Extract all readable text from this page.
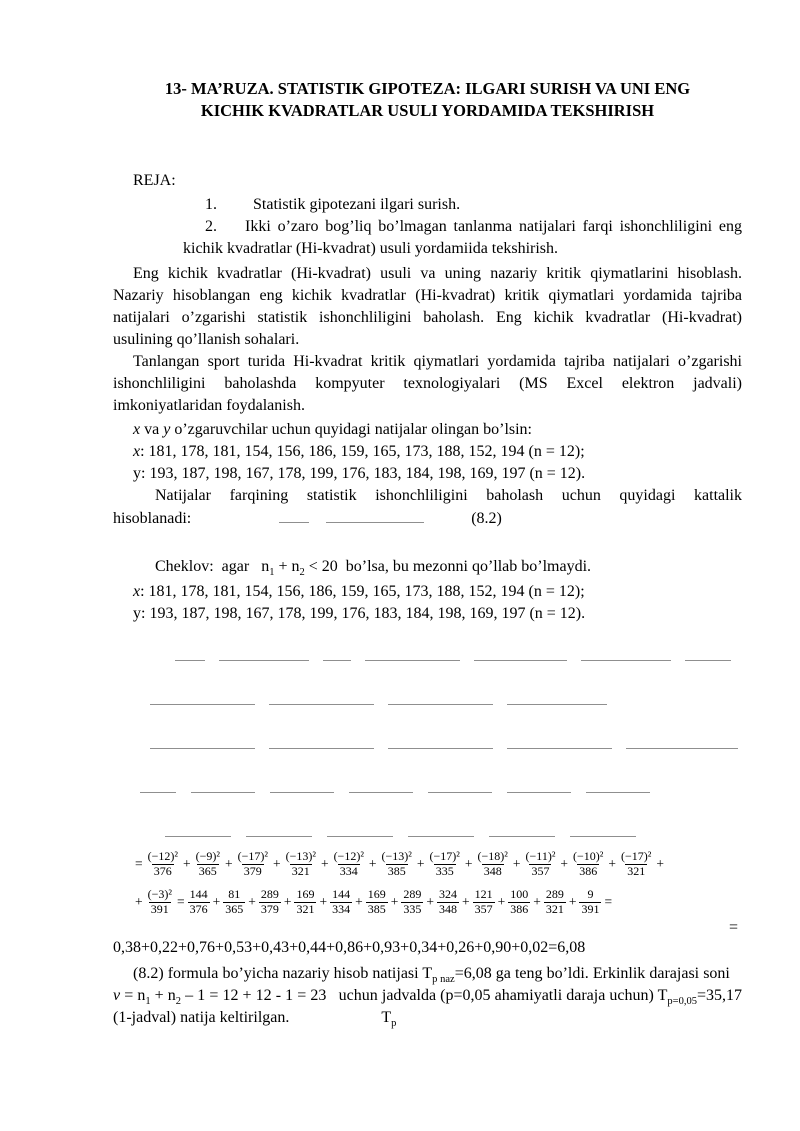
13- MA’RUZA. STATISTIK GIPOTEZA: ILGARI SURISH VA UNI ENG
KICHIK KVADRATLAR USULI YORDAMIDA TEKSHIRISH
REJA:
1. Statistik gipotezani ilgari surish.
2. Ikki o’zaro bog’liq bo’lmagan tanlanma natijalari farqi ishonchliligini eng kichik kvadratlar (Hi-kvadrat) usuli yordamiida tekshirish.

Eng kichik kvadratlar (Hi-kvadrat) usuli va uning nazariy kritik qiymatlarini hisoblash. Nazariy hisoblangan eng kichik kvadratlar (Hi-kvadrat) kritik qiymatlari yordamida tajriba natijalari o’zgarishi statistik ishonchliligini baholash. Eng kichik kvadratlar (Hi-kvadrat) usulining qo’llanish sohalari.

Tanlangan sport turida Hi-kvadrat kritik qiymatlari yordamida tajriba natijalari o’zgarishi ishonchliligini baholashda kompyuter texnologiyalari (MS Excel elektron jadvali) imkoniyatlaridan foydalanish.

x va y o’zgaruvchilar uchun quyidagi natijalar olingan bo’lsin:
x: 181, 178, 181, 154, 156, 186, 159, 165, 173, 188, 152, 194 (n = 12);
y: 193, 187, 198, 167, 178, 199, 176, 183, 184, 198, 169, 197 (n = 12).
Natijalar farqining statistik ishonchliligini baholash uchun quyidagi kattalik
hisoblanadi:	(8.2)
Cheklov:  agar   $n_1 + n_2 < 20$  bo’lsa, bu mezonni qo’llab bo’lmaydi.
x: 181, 178, 181, 154, 156, 186, 159, 165, 173, 188, 152, 194 (n = 12);
y: 193, 187, 198, 167, 178, 199, 176, 183, 184, 198, 169, 197 (n = 12).
= $\frac{\text{(−12)²}}{376} + \frac{\text{(−9)²}}{365} + \frac{\text{(−17)²}}{379} + \frac{\text{(−13)²}}{321} + \frac{\text{(−12)²}}{334} + \frac{\text{(−13)²}}{385} + \frac{\text{(−17)²}}{335} + \frac{\text{(−18)²}}{348} + \frac{\text{(−11)²}}{357} + \frac{\text{(−10)²}}{386} + \frac{\text{(−17)²}}{321}$ +
+ $\frac{\text{(−3)²}}{391} = \frac{144}{376} + \frac{81}{365} + \frac{289}{379} + \frac{169}{321} + \frac{144}{334} + \frac{169}{385} + \frac{289}{335} + \frac{324}{348} + \frac{121}{357} + \frac{100}{386} + \frac{289}{321} + \frac{9}{391}$ =
=
0,38+0,22+0,76+0,53+0,43+0,44+0,86+0,93+0,34+0,26+0,90+0,02=6,08

(8.2) formula bo’yicha nazariy hisob natijasi $T_{p naz}=6,08$ ga teng bo’ldi. Erkinlik darajasi soni    $\nu = n_1 + n_2 - 1 = 12 + 12 - 1 = 23$   uchun jadvalda (p=0,05 ahamiyatli daraja uchun) $T_{p=0,05}=35,17$ (1-jadval) natija keltirilgan.	$T_p$
